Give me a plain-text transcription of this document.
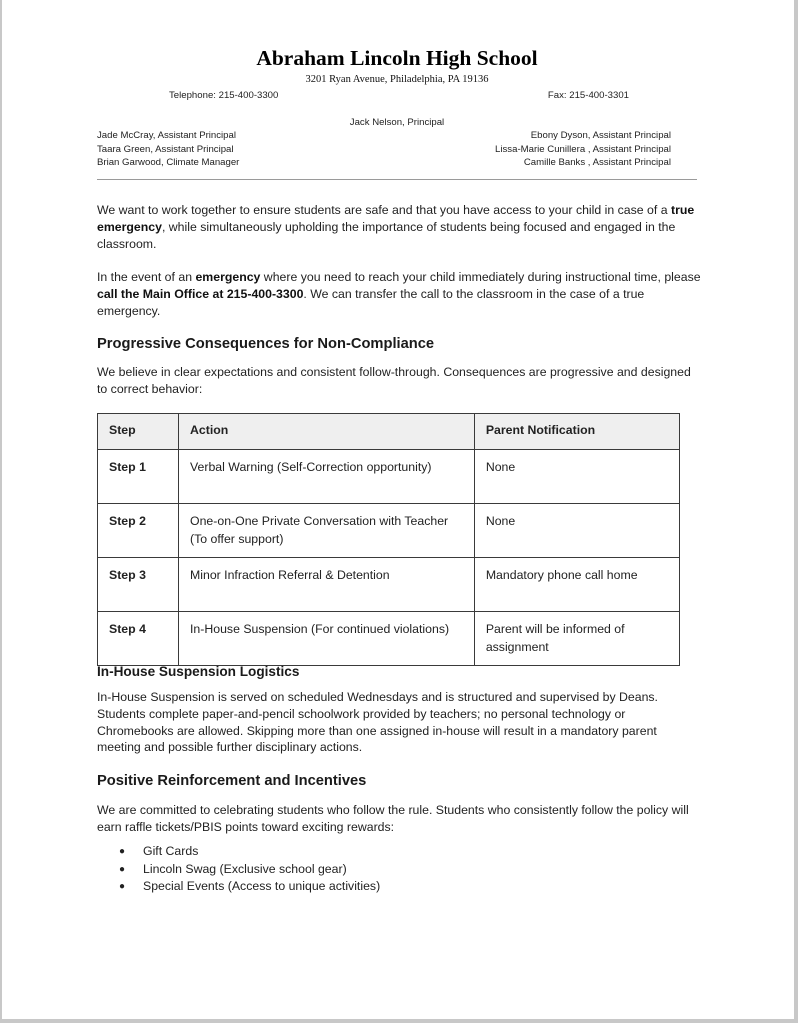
Abraham Lincoln High School
3201 Ryan Avenue, Philadelphia, PA 19136
Telephone: 215-400-3300	Fax: 215-400-3301
Jack Nelson, Principal
Jade McCray, Assistant Principal
Taara Green, Assistant Principal
Brian Garwood, Climate Manager
Ebony Dyson, Assistant Principal
Lissa-Marie Cunillera , Assistant Principal
Camille Banks , Assistant Principal

We want to work together to ensure students are safe and that you have access to your child in case of a true emergency, while simultaneously upholding the importance of students being focused and engaged in the classroom.

In the event of an emergency where you need to reach your child immediately during instructional time, please call the Main Office at 215-400-3300. We can transfer the call to the classroom in the case of a true emergency.

Progressive Consequences for Non-Compliance

We believe in clear expectations and consistent follow-through. Consequences are progressive and designed to correct behavior:

Step	Action	Parent Notification
Step 1	Verbal Warning (Self-Correction opportunity)	None
Step 2	One-on-One Private Conversation with Teacher (To offer support)	None
Step 3	Minor Infraction Referral & Detention	Mandatory phone call home
Step 4	In-House Suspension (For continued violations)	Parent will be informed of assignment
In-House Suspension Logistics

In-House Suspension is served on scheduled Wednesdays and is structured and supervised by Deans. Students complete paper-and-pencil schoolwork provided by teachers; no personal technology or Chromebooks are allowed. Skipping more than one assigned in-house will result in a mandatory parent meeting and possible further disciplinary actions.

Positive Reinforcement and Incentives

We are committed to celebrating students who follow the rule. Students who consistently follow the policy will earn raffle tickets/PBIS points toward exciting rewards:

● Gift Cards
● Lincoln Swag (Exclusive school gear)
● Special Events (Access to unique activities)
